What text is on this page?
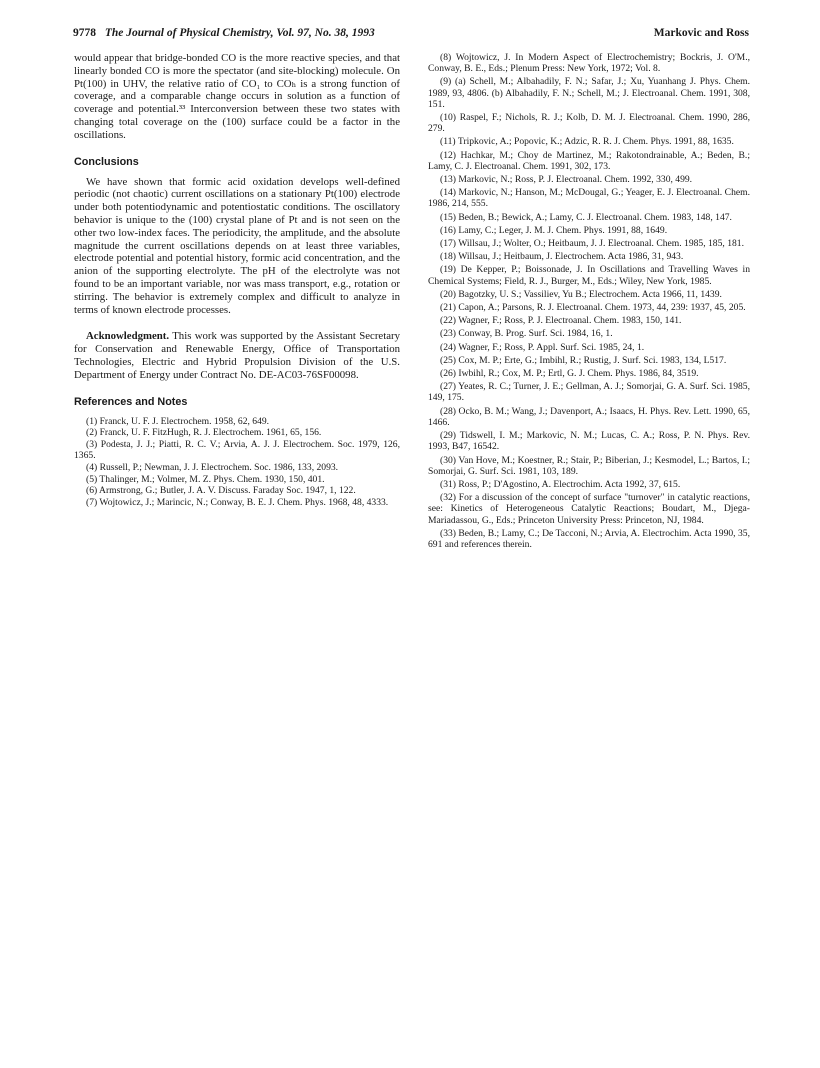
9778 The Journal of Physical Chemistry, Vol. 97, No. 38, 1993	Markovic and Ross

would appear that bridge-bonded CO is the more reactive species, and that linearly bonded CO is more the spectator (and site-blocking) molecule. On Pt(100) in UHV, the relative ratio of CO₁ to COₕ is a strong function of coverage, and a comparable change occurs in solution as a function of coverage and potential.³³ Interconversion between these two states with changing total coverage on the (100) surface could be a factor in the oscillations.

Conclusions

We have shown that formic acid oxidation develops well-defined periodic (not chaotic) current oscillations on a stationary Pt(100) electrode under both potentiodynamic and potentiostatic conditions. The oscillatory behavior is unique to the (100) crystal plane of Pt and is not seen on the other two low-index faces. The periodicity, the amplitude, and the absolute magnitude the current oscillations depends on at least three variables, electrode potential and potential history, formic acid concentration, and the anion of the supporting electrolyte. The pH of the electrolyte was not found to be an important variable, nor was mass transport, e.g., rotation or stirring. The behavior is extremely complex and difficult to analyze in terms of known electrode processes.

Acknowledgment. This work was supported by the Assistant Secretary for Conservation and Renewable Energy, Office of Transportation Technologies, Electric and Hybrid Propulsion Division of the U.S. Department of Energy under Contract No. DE-AC03-76SF00098.

References and Notes

(1) Franck, U. F. J. Electrochem. 1958, 62, 649.

(2) Franck, U. F. FitzHugh, R. J. Electrochem. 1961, 65, 156.

(3) Podesta, J. J.; Piatti, R. C. V.; Arvia, A. J. J. Electrochem. Soc. 1979, 126, 1365.

(4) Russell, P.; Newman, J. J. Electrochem. Soc. 1986, 133, 2093.

(5) Thalinger, M.; Volmer, M. Z. Phys. Chem. 1930, 150, 401.

(6) Armstrong, G.; Butler, J. A. V. Discuss. Faraday Soc. 1947, 1, 122.

(7) Wojtowicz, J.; Marincic, N.; Conway, B. E. J. Chem. Phys. 1968, 48, 4333.

(8) Wojtowicz, J. In Modern Aspect of Electrochemistry; Bockris, J. O'M., Conway, B. E., Eds.; Plenum Press: New York, 1972; Vol. 8.

(9) (a) Schell, M.; Albahadily, F. N.; Safar, J.; Xu, Yuanhang J. Phys. Chem. 1989, 93, 4806. (b) Albahadily, F. N.; Schell, M.; J. Electroanal. Chem. 1991, 308, 151.

(10) Raspel, F.; Nichols, R. J.; Kolb, D. M. J. Electroanal. Chem. 1990, 286, 279.

(11) Tripkovic, A.; Popovic, K.; Adzic, R. R. J. Chem. Phys. 1991, 88, 1635.

(12) Hachkar, M.; Choy de Martinez, M.; Rakotondrainable, A.; Beden, B.; Lamy, C. J. Electroanal. Chem. 1991, 302, 173.

(13) Markovic, N.; Ross, P. J. Electroanal. Chem. 1992, 330, 499.

(14) Markovic, N.; Hanson, M.; McDougal, G.; Yeager, E. J. Electroanal. Chem. 1986, 214, 555.

(15) Beden, B.; Bewick, A.; Lamy, C. J. Electroanal. Chem. 1983, 148, 147.

(16) Lamy, C.; Leger, J. M. J. Chem. Phys. 1991, 88, 1649.

(17) Willsau, J.; Wolter, O.; Heitbaum, J. J. Electroanal. Chem. 1985, 185, 181.

(18) Willsau, J.; Heitbaum, J. Electrochem. Acta 1986, 31, 943.

(19) De Kepper, P.; Boissonade, J. In Oscillations and Travelling Waves in Chemical Systems; Field, R. J., Burger, M., Eds.; Wiley, New York, 1985.

(20) Bagotzky, U. S.; Vassiliev, Yu B.; Electrochem. Acta 1966, 11, 1439.

(21) Capon, A.; Parsons, R. J. Electroanal. Chem. 1973, 44, 239: 1937, 45, 205.

(22) Wagner, F.; Ross, P. J. Electroanal. Chem. 1983, 150, 141.

(23) Conway, B. Prog. Surf. Sci. 1984, 16, 1.

(24) Wagner, F.; Ross, P. Appl. Surf. Sci. 1985, 24, 1.

(25) Cox, M. P.; Erte, G.; Imbihl, R.; Rustig, J. Surf. Sci. 1983, 134, L517.

(26) Iwbihl, R.; Cox, M. P.; Ertl, G. J. Chem. Phys. 1986, 84, 3519.

(27) Yeates, R. C.; Turner, J. E.; Gellman, A. J.; Somorjai, G. A. Surf. Sci. 1985, 149, 175.

(28) Ocko, B. M.; Wang, J.; Davenport, A.; Isaacs, H. Phys. Rev. Lett. 1990, 65, 1466.

(29) Tidswell, I. M.; Markovic, N. M.; Lucas, C. A.; Ross, P. N. Phys. Rev. 1993, B47, 16542.

(30) Van Hove, M.; Koestner, R.; Stair, P.; Biberian, J.; Kesmodel, L.; Bartos, I.; Somorjai, G. Surf. Sci. 1981, 103, 189.

(31) Ross, P.; D'Agostino, A. Electrochim. Acta 1992, 37, 615.

(32) For a discussion of the concept of surface "turnover" in catalytic reactions, see: Kinetics of Heterogeneous Catalytic Reactions; Boudart, M., Djega-Mariadassou, G., Eds.; Princeton University Press: Princeton, NJ, 1984.

(33) Beden, B.; Lamy, C.; De Tacconi, N.; Arvia, A. Electrochim. Acta 1990, 35, 691 and references therein.
